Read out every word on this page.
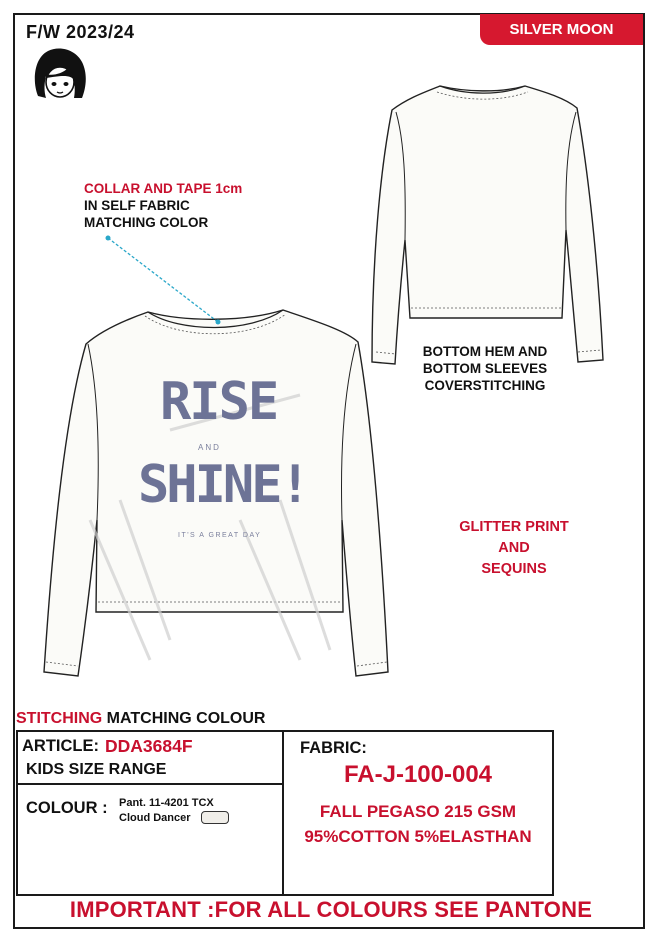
F/W 2023/24	SILVER MOON
RISE
AND
SHINE!
IT'S A GREAT DAY
COLLAR AND TAPE 1cm
IN SELF FABRIC
MATCHING COLOR
BOTTOM HEM AND
BOTTOM SLEEVES
COVERSTITCHING
GLITTER PRINT
AND
SEQUINS
STITCHING MATCHING COLOUR
ARTICLE: DDA3684F
KIDS SIZE RANGE
COLOUR : Pant. 11-4201 TCX
Cloud Dancer
FABRIC:
FA-J-100-004
FALL PEGASO 215 GSM
95%COTTON 5%ELASTHAN
IMPORTANT :FOR ALL COLOURS SEE PANTONE
